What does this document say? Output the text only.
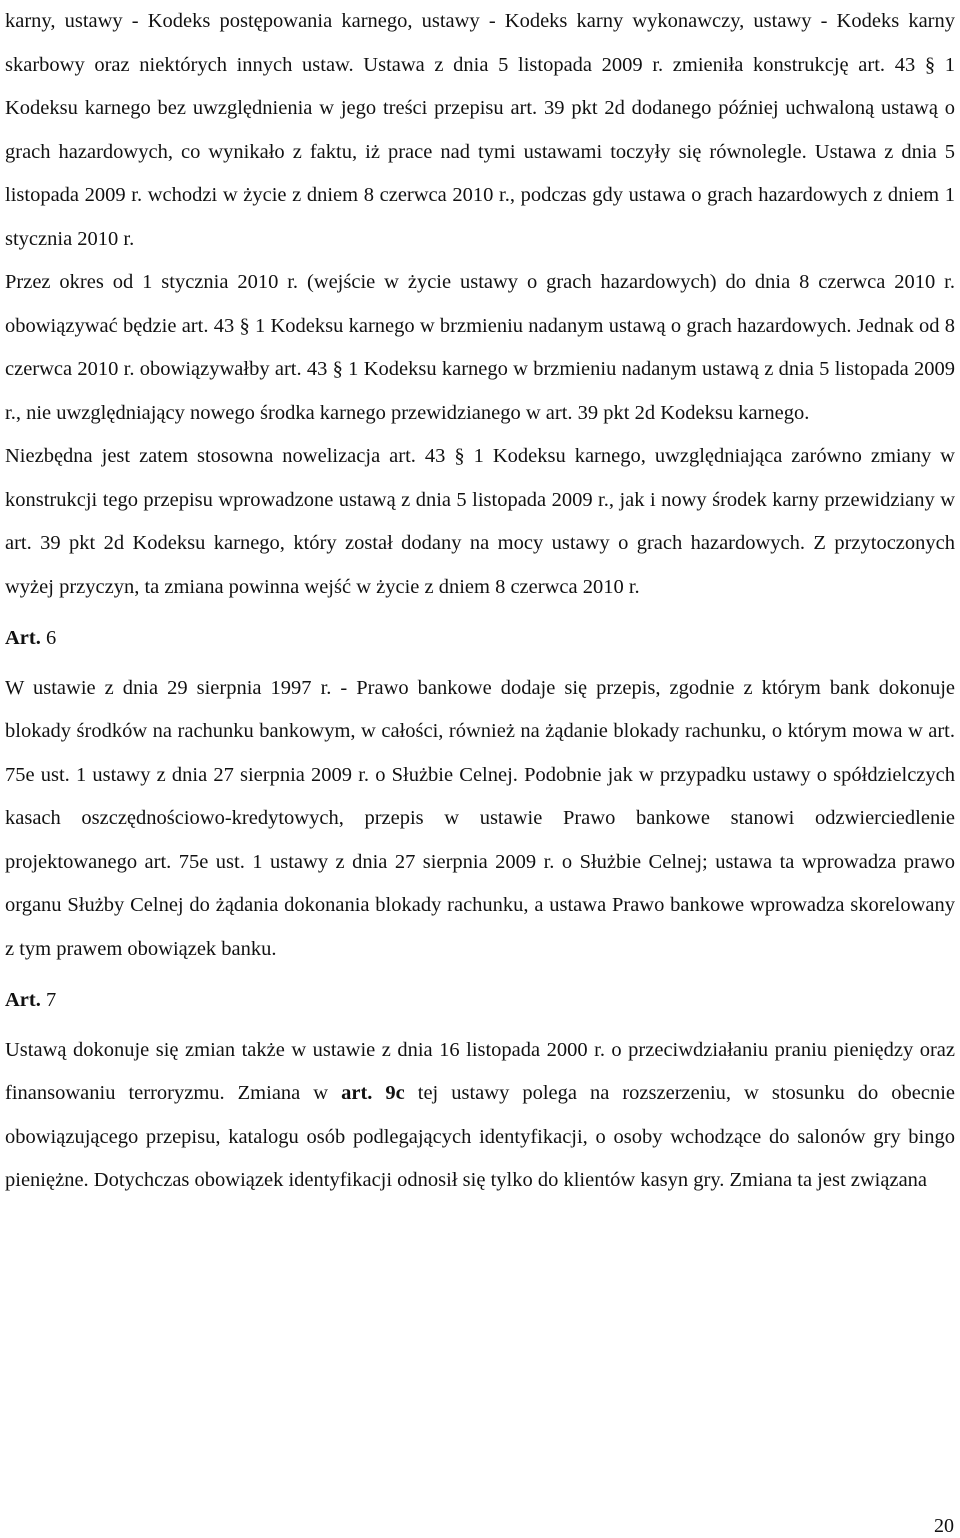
karny, ustawy - Kodeks postępowania karnego, ustawy - Kodeks karny wykonawczy, ustawy - Kodeks karny skarbowy oraz niektórych innych ustaw. Ustawa z dnia 5 listopada 2009 r. zmieniła konstrukcję art. 43 § 1 Kodeksu karnego bez uwzględnienia w jego treści przepisu art. 39 pkt 2d dodanego później uchwaloną ustawą o grach hazardowych, co wynikało z faktu, iż prace nad tymi ustawami toczyły się równolegle. Ustawa z dnia 5 listopada 2009 r. wchodzi w życie z dniem 8 czerwca 2010 r., podczas gdy ustawa o grach hazardowych z dniem 1 stycznia 2010 r.

Przez okres od 1 stycznia 2010 r. (wejście w życie ustawy o grach hazardowych) do dnia 8 czerwca 2010 r. obowiązywać będzie art. 43 § 1 Kodeksu karnego w brzmieniu nadanym ustawą o grach hazardowych. Jednak od 8 czerwca 2010 r. obowiązywałby art. 43 § 1 Kodeksu karnego w brzmieniu nadanym ustawą z dnia 5 listopada 2009 r., nie uwzględniający nowego środka karnego przewidzianego w art. 39 pkt 2d Kodeksu karnego.

Niezbędna jest zatem stosowna nowelizacja art. 43 § 1 Kodeksu karnego, uwzględniająca zarówno zmiany w konstrukcji tego przepisu wprowadzone ustawą z dnia 5 listopada 2009 r., jak i nowy środek karny przewidziany w art. 39 pkt 2d Kodeksu karnego, który został dodany na mocy ustawy o grach hazardowych. Z przytoczonych wyżej przyczyn, ta zmiana powinna wejść w życie z dniem 8 czerwca 2010 r.

Art. 6

W ustawie z dnia 29 sierpnia 1997 r. - Prawo bankowe dodaje się przepis, zgodnie z którym bank dokonuje blokady środków na rachunku bankowym, w całości, również na żądanie blokady rachunku, o którym mowa w art. 75e ust. 1 ustawy z dnia 27 sierpnia 2009 r. o Służbie Celnej. Podobnie jak w przypadku ustawy o spółdzielczych kasach oszczędnościowo-kredytowych, przepis w ustawie Prawo bankowe stanowi odzwierciedlenie projektowanego art. 75e ust. 1 ustawy z dnia 27 sierpnia 2009 r. o Służbie Celnej; ustawa ta wprowadza prawo organu Służby Celnej do żądania dokonania blokady rachunku, a ustawa Prawo bankowe wprowadza skorelowany z tym prawem obowiązek banku.

Art. 7

Ustawą dokonuje się zmian także w ustawie z dnia 16 listopada 2000 r. o przeciwdziałaniu praniu pieniędzy oraz finansowaniu terroryzmu. Zmiana w art. 9c tej ustawy polega na rozszerzeniu, w stosunku do obecnie obowiązującego przepisu, katalogu osób podlegających identyfikacji, o osoby wchodzące do salonów gry bingo pieniężne. Dotychczas obowiązek identyfikacji odnosił się tylko do klientów kasyn gry. Zmiana ta jest związana

20
